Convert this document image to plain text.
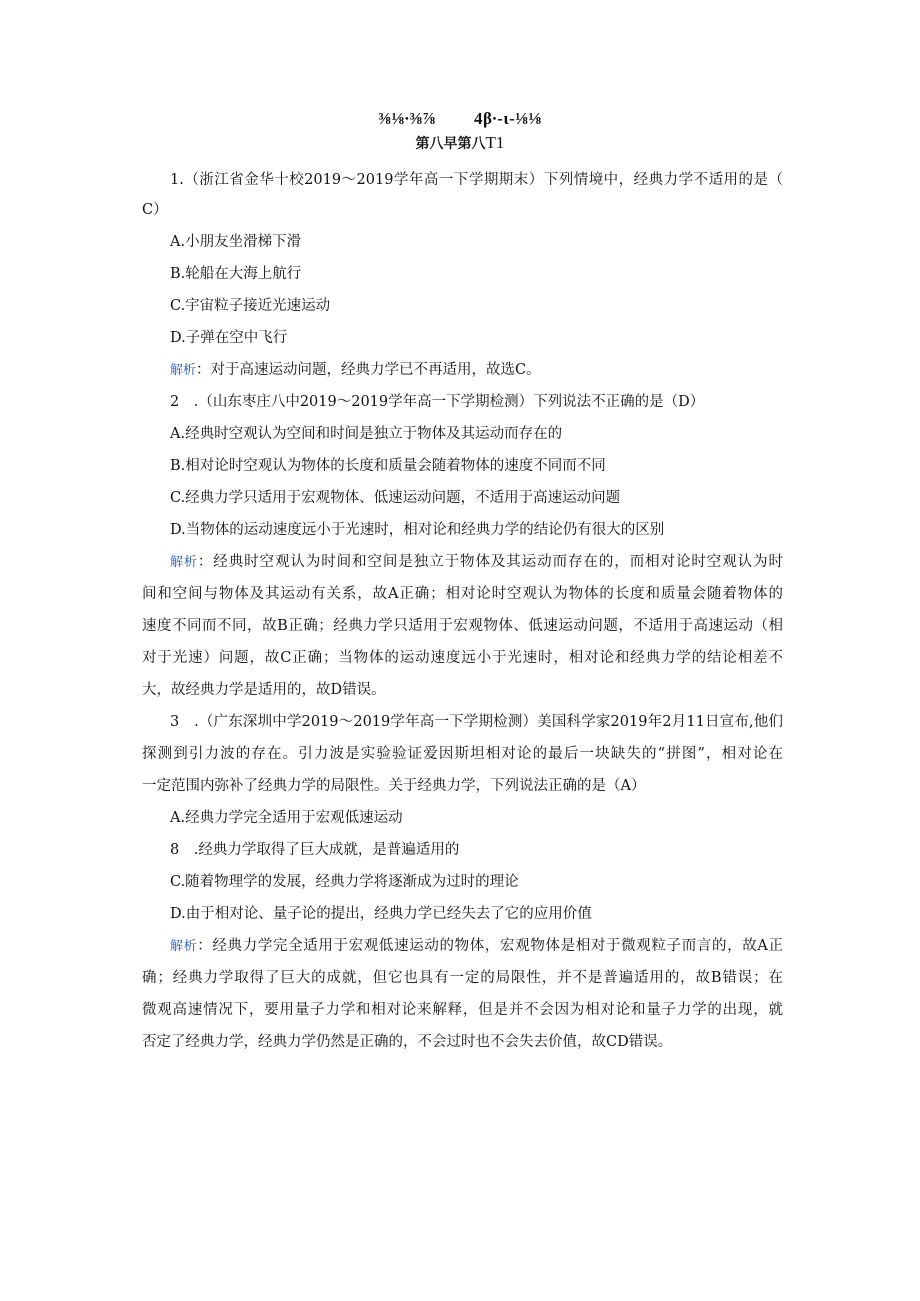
⅜⅛∙⅜⅞        4β∙-ι-⅛⅛
第八早第八T1
1.（浙江省金华十校2019～2019学年高一下学期期末）下列情境中，经典力学不适用的是（
C）
A.小朋友坐滑梯下滑
B.轮船在大海上航行
C.宇宙粒子接近光速运动
D.子弹在空中飞行
解析：对于高速运动问题，经典力学已不再适用，故选C。
2　.（山东枣庄八中2019～2019学年高一下学期检测）下列说法不正确的是（D）
A.经典时空观认为空间和时间是独立于物体及其运动而存在的
B.相对论时空观认为物体的长度和质量会随着物体的速度不同而不同
C.经典力学只适用于宏观物体、低速运动问题，不适用于高速运动问题
D.当物体的运动速度远小于光速时，相对论和经典力学的结论仍有很大的区别
解析：经典时空观认为时间和空间是独立于物体及其运动而存在的，而相对论时空观认为时
间和空间与物体及其运动有关系，故A正确；相对论时空观认为物体的长度和质量会随着物体的
速度不同而不同，故B正确；经典力学只适用于宏观物体、低速运动问题，不适用于高速运动（相
对于光速）问题，故C正确；当物体的运动速度远小于光速时，相对论和经典力学的结论相差不
大，故经典力学是适用的，故D错误。
3　.（广东深圳中学2019～2019学年高一下学期检测）美国科学家2019年2月11日宣布,他们
探测到引力波的存在。引力波是实验验证爱因斯坦相对论的最后一块缺失的“拼图”，相对论在
一定范围内弥补了经典力学的局限性。关于经典力学，下列说法正确的是（A）
A.经典力学完全适用于宏观低速运动
8　.经典力学取得了巨大成就，是普遍适用的
C.随着物理学的发展，经典力学将逐渐成为过时的理论
D.由于相对论、量子论的提出，经典力学已经失去了它的应用价值
解析：经典力学完全适用于宏观低速运动的物体，宏观物体是相对于微观粒子而言的，故A正
确；经典力学取得了巨大的成就，但它也具有一定的局限性，并不是普遍适用的，故B错误；在
微观高速情况下，要用量子力学和相对论来解释，但是并不会因为相对论和量子力学的出现，就
否定了经典力学，经典力学仍然是正确的，不会过时也不会失去价值，故CD错误。
